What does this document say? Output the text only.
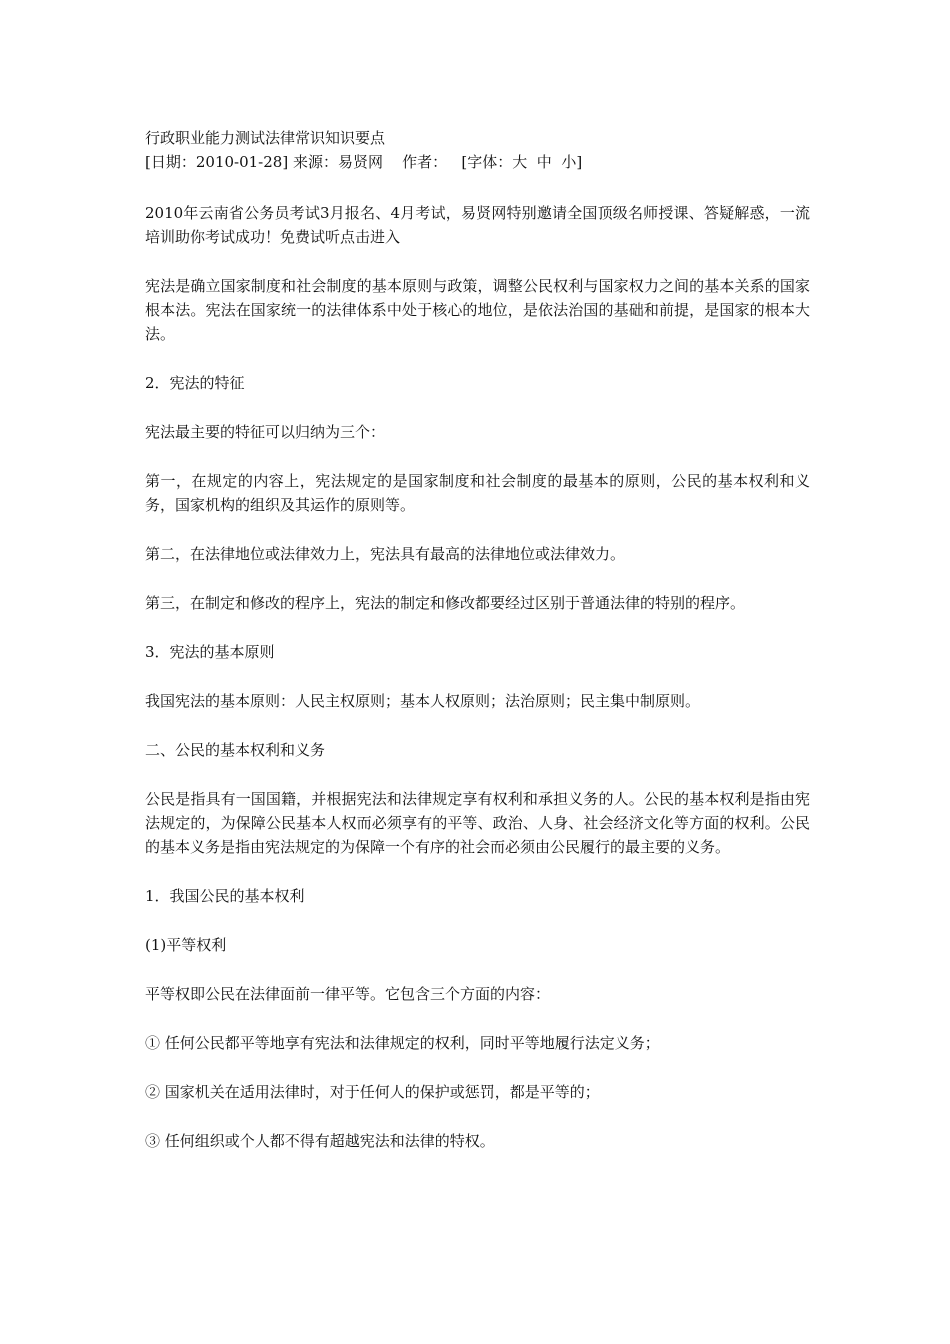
行政职业能力测试法律常识知识要点

[日期：2010-01-28] 来源：易贤网 作者： [字体：大  中  小]

2010年云南省公务员考试3月报名、4月考试，易贤网特别邀请全国顶级名师授课、答疑解惑，一流培训助你考试成功！免费试听点击进入

宪法是确立国家制度和社会制度的基本原则与政策，调整公民权利与国家权力之间的基本关系的国家根本法。宪法在国家统一的法律体系中处于核心的地位，是依法治国的基础和前提，是国家的根本大法。

2．宪法的特征

宪法最主要的特征可以归纳为三个：

第一，在规定的内容上，宪法规定的是国家制度和社会制度的最基本的原则，公民的基本权利和义务，国家机构的组织及其运作的原则等。

第二，在法律地位或法律效力上，宪法具有最高的法律地位或法律效力。

第三，在制定和修改的程序上，宪法的制定和修改都要经过区别于普通法律的特别的程序。

3．宪法的基本原则

我国宪法的基本原则：人民主权原则；基本人权原则；法治原则；民主集中制原则。

二、公民的基本权利和义务

公民是指具有一国国籍，并根据宪法和法律规定享有权利和承担义务的人。公民的基本权利是指由宪法规定的，为保障公民基本人权而必须享有的平等、政治、人身、社会经济文化等方面的权利。公民的基本义务是指由宪法规定的为保障一个有序的社会而必须由公民履行的最主要的义务。

1．我国公民的基本权利

(1)平等权利

平等权即公民在法律面前一律平等。它包含三个方面的内容：

① 任何公民都平等地享有宪法和法律规定的权利，同时平等地履行法定义务；

② 国家机关在适用法律时，对于任何人的保护或惩罚，都是平等的；

③ 任何组织或个人都不得有超越宪法和法律的特权。
